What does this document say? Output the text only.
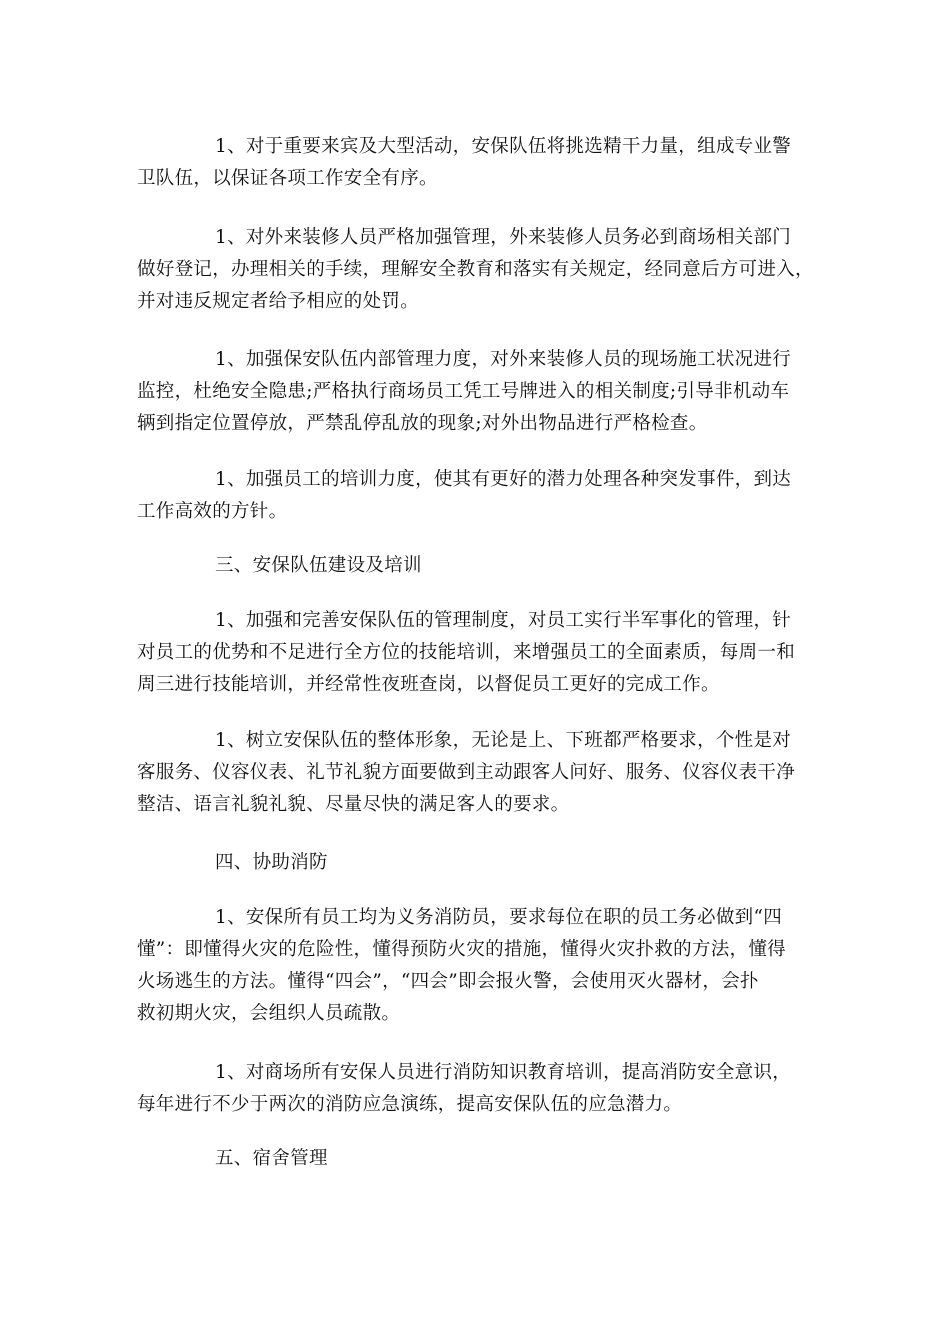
1、对于重要来宾及大型活动，安保队伍将挑选精干力量，组成专业警
卫队伍，以保证各项工作安全有序。
1、对外来装修人员严格加强管理，外来装修人员务必到商场相关部门
做好登记，办理相关的手续，理解安全教育和落实有关规定，经同意后方可进入，
并对违反规定者给予相应的处罚。
1、加强保安队伍内部管理力度，对外来装修人员的现场施工状况进行
监控，杜绝安全隐患;严格执行商场员工凭工号牌进入的相关制度;引导非机动车
辆到指定位置停放，严禁乱停乱放的现象;对外出物品进行严格检查。
1、加强员工的培训力度，使其有更好的潜力处理各种突发事件，到达
工作高效的方针。
三、安保队伍建设及培训
1、加强和完善安保队伍的管理制度，对员工实行半军事化的管理，针
对员工的优势和不足进行全方位的技能培训，来增强员工的全面素质，每周一和
周三进行技能培训，并经常性夜班查岗，以督促员工更好的完成工作。
1、树立安保队伍的整体形象，无论是上、下班都严格要求，个性是对
客服务、仪容仪表、礼节礼貌方面要做到主动跟客人问好、服务、仪容仪表干净
整洁、语言礼貌礼貌、尽量尽快的满足客人的要求。
四、协助消防
1、安保所有员工均为义务消防员，要求每位在职的员工务必做到“四
懂”：即懂得火灾的危险性，懂得预防火灾的措施，懂得火灾扑救的方法，懂得
火场逃生的方法。懂得“四会”，“四会”即会报火警，会使用灭火器材，会扑
救初期火灾，会组织人员疏散。
1、对商场所有安保人员进行消防知识教育培训，提高消防安全意识，
每年进行不少于两次的消防应急演练，提高安保队伍的应急潜力。
五、宿舍管理
